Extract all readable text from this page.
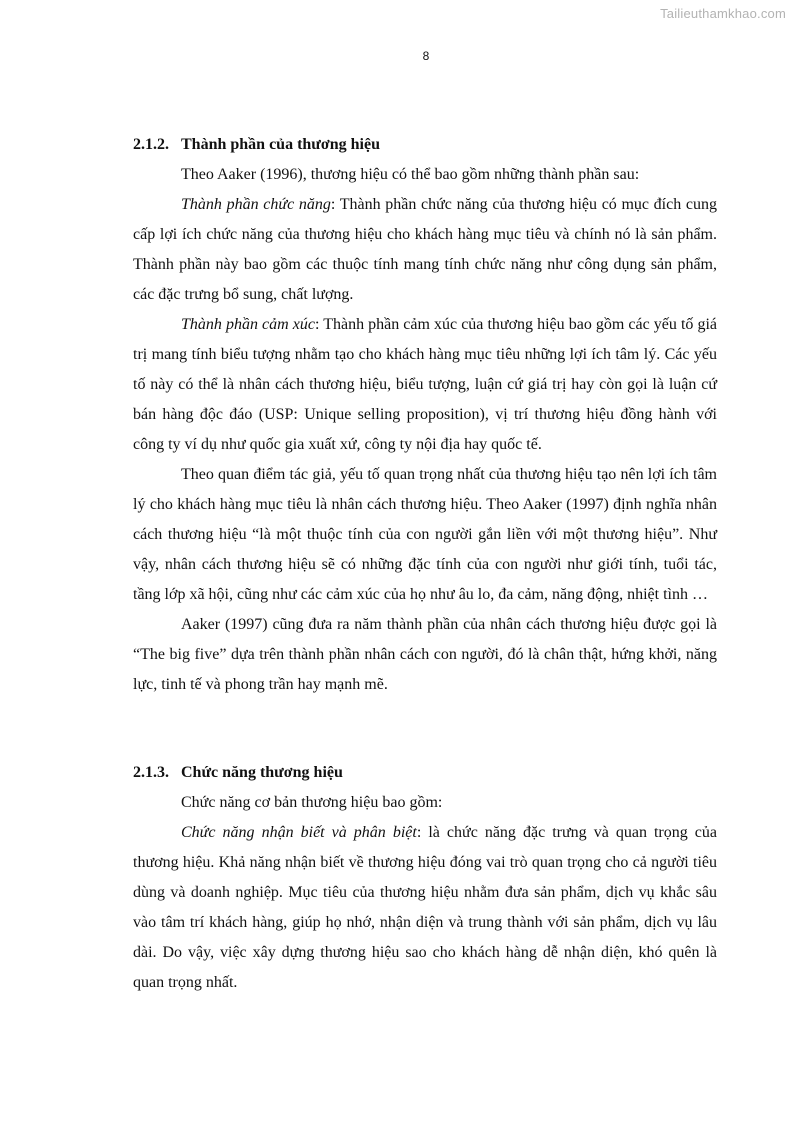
Tailieuthamkhao.com
8
2.1.2. Thành phần của thương hiệu

Theo Aaker (1996), thương hiệu có thể bao gồm những thành phần sau:

Thành phần chức năng: Thành phần chức năng của thương hiệu có mục đích cung cấp lợi ích chức năng của thương hiệu cho khách hàng mục tiêu và chính nó là sản phẩm. Thành phần này bao gồm các thuộc tính mang tính chức năng như công dụng sản phẩm, các đặc trưng bổ sung, chất lượng.

Thành phần cảm xúc: Thành phần cảm xúc của thương hiệu bao gồm các yếu tố giá trị mang tính biểu tượng nhằm tạo cho khách hàng mục tiêu những lợi ích tâm lý. Các yếu tố này có thể là nhân cách thương hiệu, biểu tượng, luận cứ giá trị hay còn gọi là luận cứ bán hàng độc đáo (USP: Unique selling proposition), vị trí thương hiệu đồng hành với công ty ví dụ như quốc gia xuất xứ, công ty nội địa hay quốc tế.

Theo quan điểm tác giả, yếu tố quan trọng nhất của thương hiệu tạo nên lợi ích tâm lý cho khách hàng mục tiêu là nhân cách thương hiệu. Theo Aaker (1997) định nghĩa nhân cách thương hiệu “là một thuộc tính của con người gắn liền với một thương hiệu”. Như vậy, nhân cách thương hiệu sẽ có những đặc tính của con người như giới tính, tuổi tác, tầng lớp xã hội, cũng như các cảm xúc của họ như âu lo, đa cảm, năng động, nhiệt tình …

Aaker (1997) cũng đưa ra năm thành phần của nhân cách thương hiệu được gọi là “The big five” dựa trên thành phần nhân cách con người, đó là chân thật, hứng khởi, năng lực, tinh tế và phong trần hay mạnh mẽ.

2.1.3. Chức năng thương hiệu

Chức năng cơ bản thương hiệu bao gồm:

Chức năng nhận biết và phân biệt: là chức năng đặc trưng và quan trọng của thương hiệu. Khả năng nhận biết về thương hiệu đóng vai trò quan trọng cho cả người tiêu dùng và doanh nghiệp. Mục tiêu của thương hiệu nhằm đưa sản phẩm, dịch vụ khắc sâu vào tâm trí khách hàng, giúp họ nhớ, nhận diện và trung thành với sản phẩm, dịch vụ lâu dài. Do vậy, việc xây dựng thương hiệu sao cho khách hàng dễ nhận diện, khó quên là quan trọng nhất.
